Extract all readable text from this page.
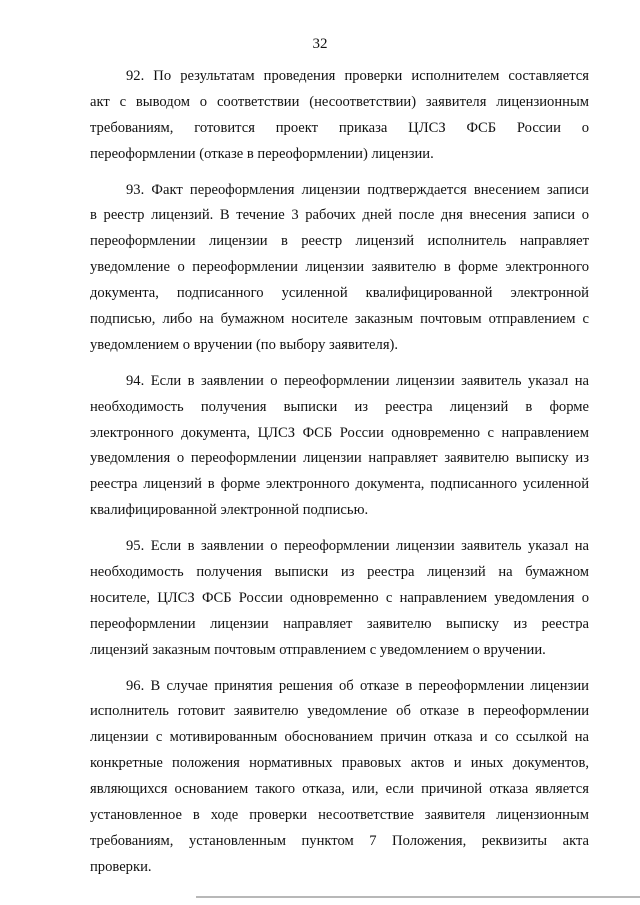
32

92. По результатам проведения проверки исполнителем составляется
акт с выводом о соответствии (несоответствии) заявителя лицензионным
требованиям, готовится проект приказа ЦЛСЗ ФСБ России о
переоформлении (отказе в переоформлении) лицензии.

93. Факт переоформления лицензии подтверждается внесением записи
в реестр лицензий. В течение 3 рабочих дней после дня внесения записи о
переоформлении лицензии в реестр лицензий исполнитель направляет
уведомление о переоформлении лицензии заявителю в форме электронного
документа, подписанного усиленной квалифицированной электронной
подписью, либо на бумажном носителе заказным почтовым отправлением с
уведомлением о вручении (по выбору заявителя).

94. Если в заявлении о переоформлении лицензии заявитель указал на
необходимость получения выписки из реестра лицензий в форме
электронного документа, ЦЛСЗ ФСБ России одновременно с направлением
уведомления о переоформлении лицензии направляет заявителю выписку из
реестра лицензий в форме электронного документа, подписанного усиленной
квалифицированной электронной подписью.

95. Если в заявлении о переоформлении лицензии заявитель указал на
необходимость получения выписки из реестра лицензий на бумажном
носителе, ЦЛСЗ ФСБ России одновременно с направлением уведомления о
переоформлении лицензии направляет заявителю выписку из реестра
лицензий заказным почтовым отправлением с уведомлением о вручении.

96. В случае принятия решения об отказе в переоформлении лицензии
исполнитель готовит заявителю уведомление об отказе в переоформлении
лицензии с мотивированным обоснованием причин отказа и со ссылкой на
конкретные положения нормативных правовых актов и иных документов,
являющихся основанием такого отказа, или, если причиной отказа является
установленное в ходе проверки несоответствие заявителя лицензионным
требованиям, установленным пунктом 7 Положения, реквизиты акта
проверки.
